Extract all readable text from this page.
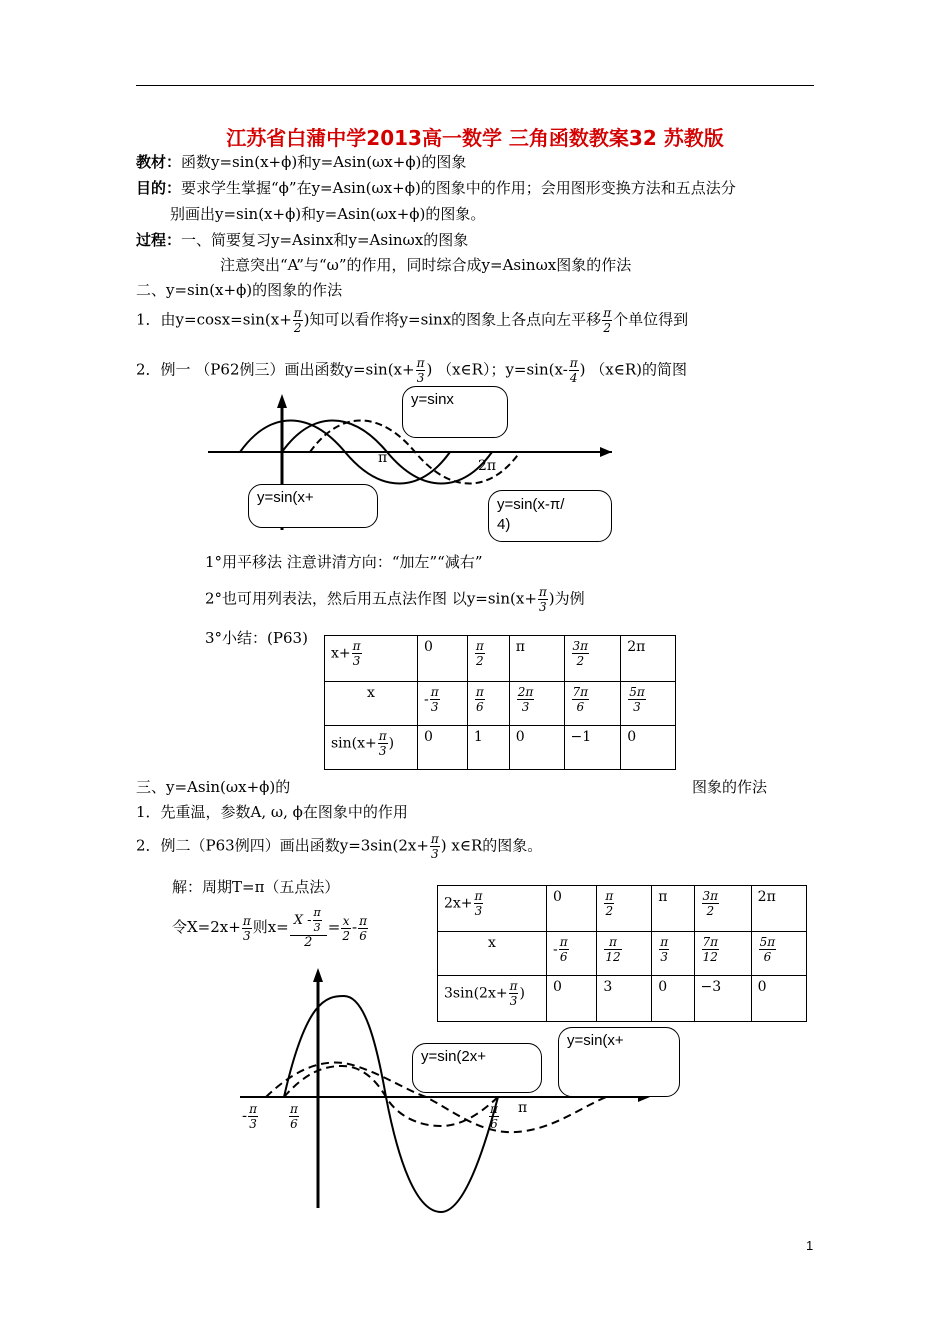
江苏省白蒲中学2013高一数学 三角函数教案32 苏教版
教材：函数y=sin(x+ϕ)和y=Asin(ωx+ϕ)的图象
目的：要求学生掌握“ϕ”在y=Asin(ωx+ϕ)的图象中的作用；会用图形变换方法和五点法分
别画出y=sin(x+ϕ)和y=Asin(ωx+ϕ)的图象。
过程：一、简要复习y=Asinx和y=Asinωx的图象
注意突出“A”与“ω”的作用，同时综合成y=Asinωx图象的作法
二、y=sin(x+ϕ)的图象的作法
1．由$y=\cos x=\sin(x+ \frac{\pi}{2}$ )知可以看作将y=sinx的图象上各点向左平移 $\frac{\pi}{2}$ 个单位得到
2．例一 （P62例三）画出函数$y=\sin(x+ \frac{\pi}{3}$ ) （x∈R）；$y=\sin(x- \frac{\pi}{4}$ ) （x∈R)的简图
π	2π
y=sinx
y=sin(x+	y=sin(x-π/
4)
1°用平移法 注意讲清方向：“加左”“减右”
2°也可用列表法，然后用五点法作图 以$y=\sin(x+ \frac{\pi}{3}$ )为例
3°小结：(P63)
$x+ \frac{\pi}{3}$	0	$\frac{\pi}{2}$	π	$\frac{3\pi}{2}$	2π
x	- $\frac{\pi}{3}$	$\frac{\pi}{6}$	$\frac{2\pi}{3}$	$\frac{7\pi}{6}$	$\frac{5\pi}{3}$

$\sin(x+ \frac{\pi}{3}$ )	0	1	0	−1	0
三、y=Asin(ωx+ϕ)的	图象的作法
1．先重温，参数A, ω, ϕ在图象中的作用
2．例二（P63例四）画出函数$y=3\sin(2x+ \frac{\pi}{3}$ ) x∈R的图象。
解：周期T=π（五点法）
令$X=2x+ \frac{\pi}{3}$ 则$x= \frac{X - \frac{\pi}{3}}{2} = \frac{x}{2} - \frac{\pi}{6}$
$2x+ \frac{\pi}{3}$	0	$\frac{\pi}{2}$	π	$\frac{3\pi}{2}$	2π
x	- $\frac{\pi}{6}$	$\frac{\pi}{12}$	$\frac{\pi}{3}$	$\frac{7\pi}{12}$	$\frac{5\pi}{6}$

$3\sin(2x+ \frac{\pi}{3}$ )	0	3	0	−3	0
π
- $\frac{\pi}{3}$	$\frac{\pi}{6}$	$\frac{\pi}{6}$
y=sin(2x+
y=sin(x+
1
